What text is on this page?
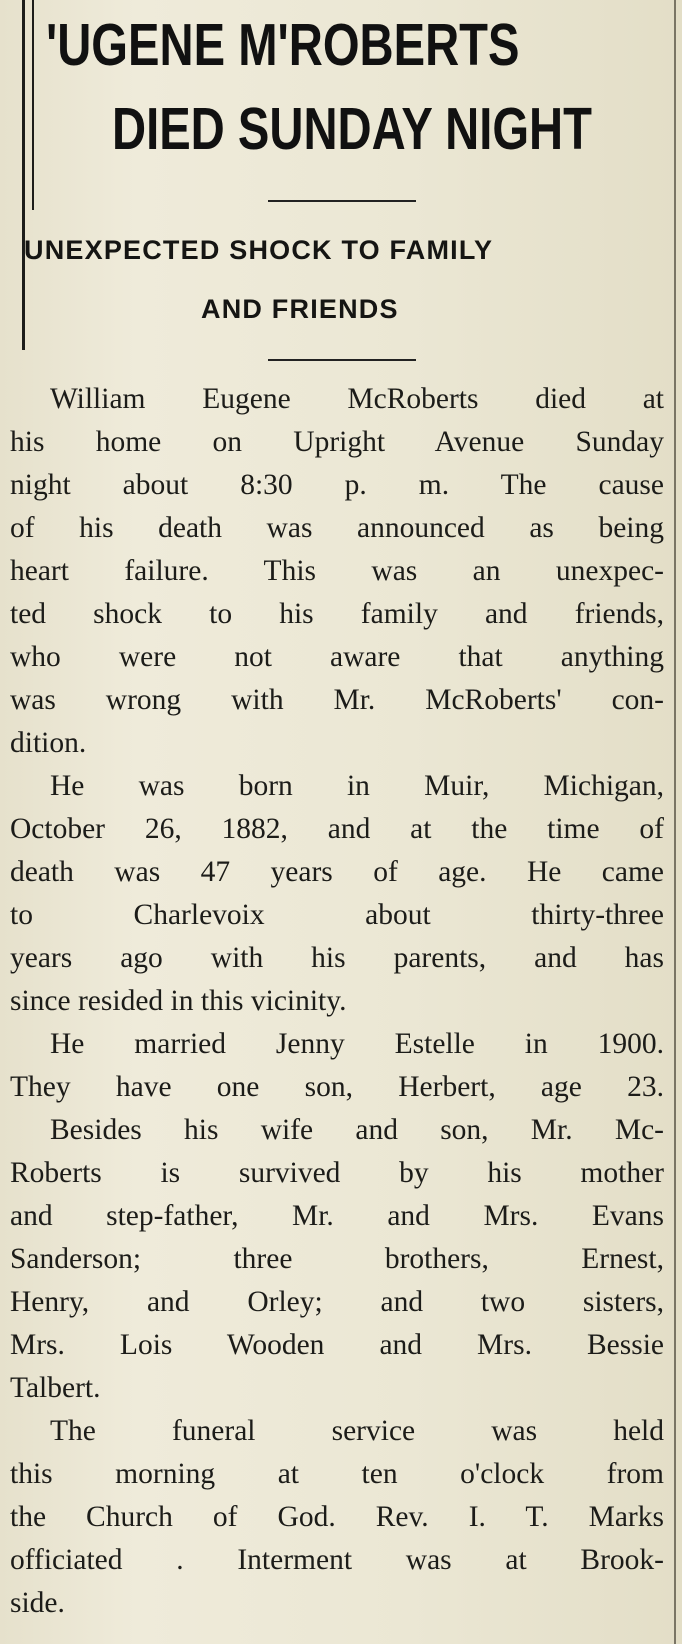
'UGENE M'ROBERTS
DIED SUNDAY NIGHT
UNEXPECTED SHOCK TO FAMILY
AND FRIENDS
William Eugene McRoberts died at
his home on Upright Avenue Sunday
night about 8:30 p. m. The cause
of his death was announced as being
heart failure. This was an unexpec-
ted shock to his family and friends,
who were not aware that anything
was wrong with Mr. McRoberts' con-
dition.
He was born in Muir, Michigan,
October 26, 1882, and at the time of
death was 47 years of age. He came
to Charlevoix about thirty-three
years ago with his parents, and has
since resided in this vicinity.
He married Jenny Estelle in 1900.
They have one son, Herbert, age 23.
Besides his wife and son, Mr. Mc-
Roberts is survived by his mother
and step-father, Mr. and Mrs. Evans
Sanderson; three brothers, Ernest,
Henry, and Orley; and two sisters,
Mrs. Lois Wooden and Mrs. Bessie
Talbert.
The funeral service was held
this morning at ten o'clock from
the Church of God. Rev. I. T. Marks
officiated . Interment was at Brook-
side.
